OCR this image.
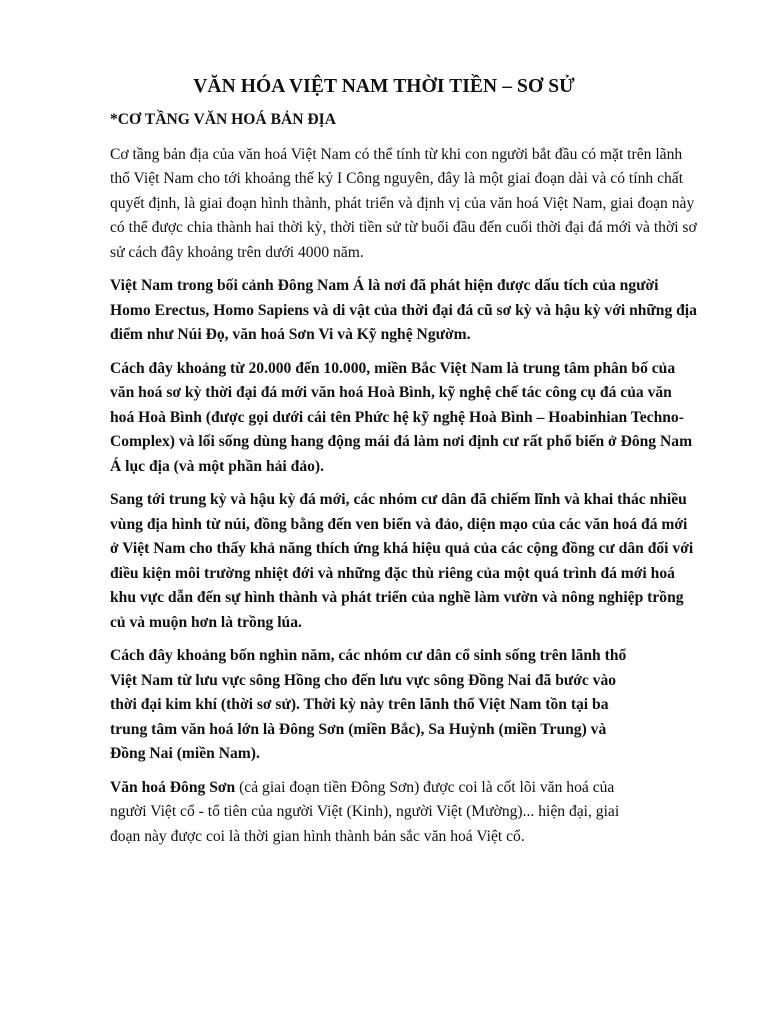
VĂN HÓA VIỆT NAM THỜI TIỀN – SƠ SỬ
*CƠ TẦNG VĂN HOÁ BẢN ĐỊA

Cơ tầng bản địa của văn hoá Việt Nam có thể tính từ khi con người bắt đầu có mặt trên lãnh thổ Việt Nam cho tới khoảng thế kỷ I Công nguyên, đây là một giai đoạn dài và có tính chất quyết định, là giai đoạn hình thành, phát triển và định vị của văn hoá Việt Nam, giai đoạn này có thể được chia thành hai thời kỳ, thời tiền sử từ buổi đầu đến cuối thời đại đá mới và thời sơ sử cách đây khoảng trên dưới 4000 năm.

Việt Nam trong bối cảnh Đông Nam Á là nơi đã phát hiện được dấu tích của người Homo Erectus, Homo Sapiens và di vật của thời đại đá cũ sơ kỳ và hậu kỳ với những địa điểm như Núi Đọ, văn hoá Sơn Vi và Kỹ nghệ Ngườm.

Cách đây khoảng từ 20.000 đến 10.000, miền Bắc Việt Nam là trung tâm phân bố của văn hoá sơ kỳ thời đại đá mới văn hoá Hoà Bình, kỹ nghệ chế tác công cụ đá của văn hoá Hoà Bình (được gọi dưới cái tên Phức hệ kỹ nghệ Hoà Bình – Hoabinhian Techno- Complex) và lối sống dùng hang động mái đá làm nơi định cư rất phổ biến ở Đông Nam Á lục địa (và một phần hải đảo).

Sang tới trung kỳ và hậu kỳ đá mới, các nhóm cư dân đã chiếm lĩnh và khai thác nhiều vùng địa hình từ núi, đồng bằng đến ven biển và đảo, diện mạo của các văn hoá đá mới ở Việt Nam cho thấy khả năng thích ứng khá hiệu quả của các cộng đồng cư dân đối với điều kiện môi trường nhiệt đới và những đặc thù riêng của một quá trình đá mới hoá khu vực dẫn đến sự hình thành và phát triển của nghề làm vườn và nông nghiệp trồng củ và muộn hơn là trồng lúa.

Cách đây khoảng bốn nghìn năm, các nhóm cư dân cổ sinh sống trên lãnh thổ Việt Nam từ lưu vực sông Hồng cho đến lưu vực sông Đồng Nai đã bước vào thời đại kim khí (thời sơ sử). Thời kỳ này trên lãnh thổ Việt Nam tồn tại ba trung tâm văn hoá lớn là Đông Sơn (miền Bắc), Sa Huỳnh (miền Trung) và Đồng Nai (miền Nam).

Văn hoá Đông Sơn (cả giai đoạn tiền Đông Sơn) được coi là cốt lõi văn hoá của người Việt cổ - tổ tiên của người Việt (Kinh), người Việt (Mường)... hiện đại, giai đoạn này được coi là thời gian hình thành bản sắc văn hoá Việt cổ.
